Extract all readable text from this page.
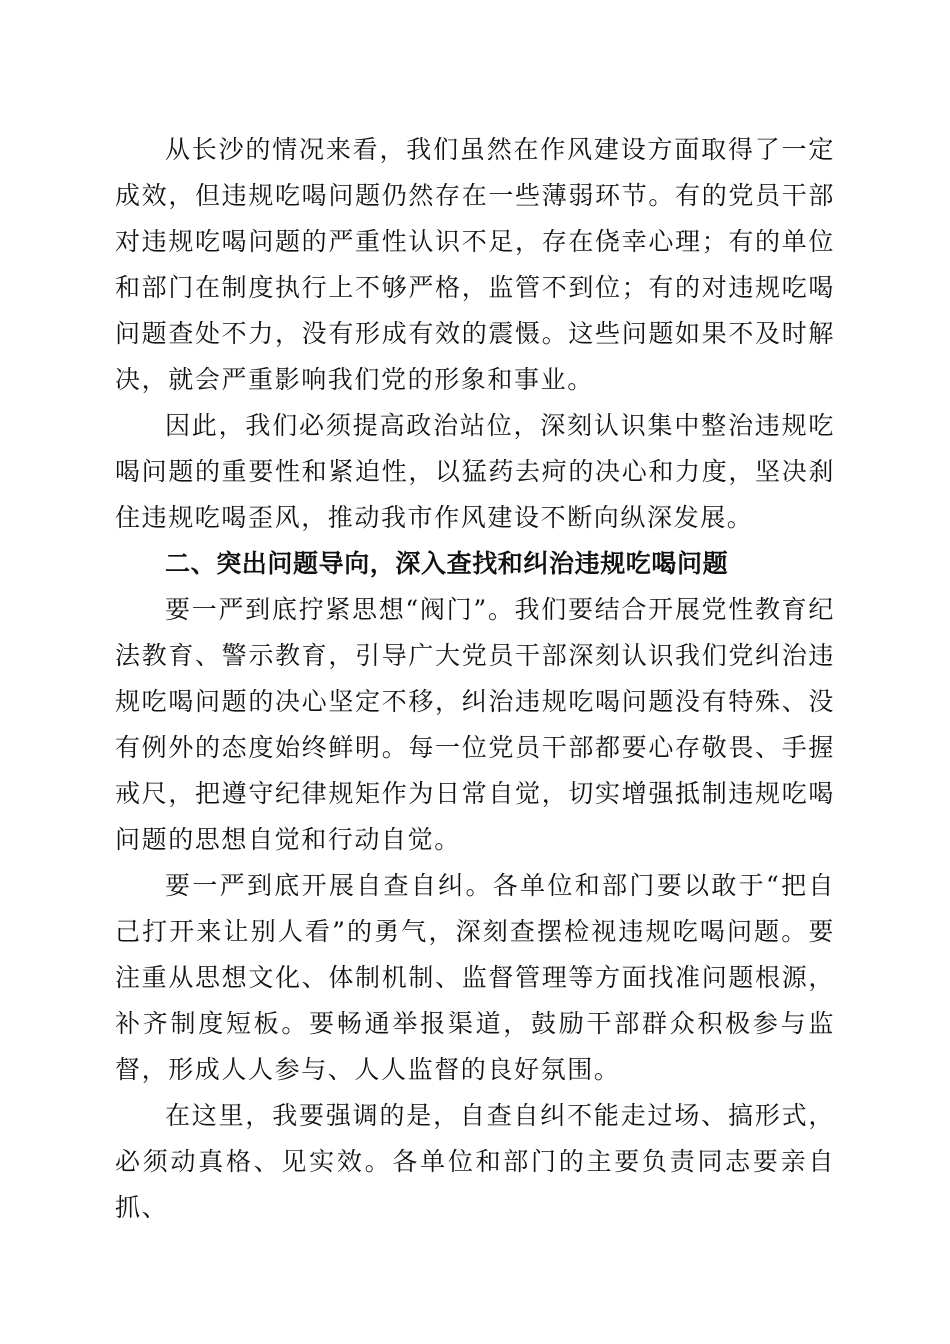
从长沙的情况来看，我们虽然在作风建设方面取得了一定成效，但违规吃喝问题仍然存在一些薄弱环节。有的党员干部对违规吃喝问题的严重性认识不足，存在侥幸心理；有的单位和部门在制度执行上不够严格，监管不到位；有的对违规吃喝问题查处不力，没有形成有效的震慑。这些问题如果不及时解决，就会严重影响我们党的形象和事业。

因此，我们必须提高政治站位，深刻认识集中整治违规吃喝问题的重要性和紧迫性，以猛药去疴的决心和力度，坚决刹住违规吃喝歪风，推动我市作风建设不断向纵深发展。

二、突出问题导向，深入查找和纠治违规吃喝问题

要一严到底拧紧思想“阀门”。我们要结合开展党性教育纪法教育、警示教育，引导广大党员干部深刻认识我们党纠治违规吃喝问题的决心坚定不移，纠治违规吃喝问题没有特殊、没有例外的态度始终鲜明。每一位党员干部都要心存敬畏、手握戒尺，把遵守纪律规矩作为日常自觉，切实增强抵制违规吃喝问题的思想自觉和行动自觉。

要一严到底开展自查自纠。各单位和部门要以敢于“把自己打开来让别人看”的勇气，深刻查摆检视违规吃喝问题。要注重从思想文化、体制机制、监督管理等方面找准问题根源，补齐制度短板。要畅通举报渠道，鼓励干部群众积极参与监督，形成人人参与、人人监督的良好氛围。

在这里，我要强调的是，自查自纠不能走过场、搞形式，必须动真格、见实效。各单位和部门的主要负责同志要亲自抓、
